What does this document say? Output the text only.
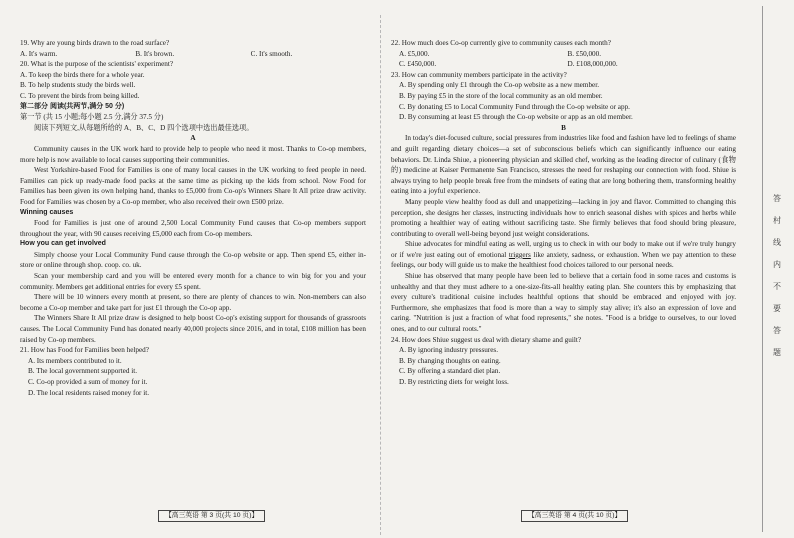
19. Why are young birds drawn to the road surface?
A. It's warm.	B. It's brown.	C. It's smooth.
20. What is the purpose of the scientists' experiment?
A. To keep the birds there for a whole year.
B. To help students study the birds well.
C. To prevent the birds from being killed.
第二部分 阅读(共两节,满分 50 分)
第一节 (共 15 小题;每小题 2.5 分,满分 37.5 分)
阅读下列短文,从每题所给的 A、B、C、D 四个选项中选出最佳选项。
A
Community causes in the UK work hard to provide help to people who need it most. Thanks to Co-op members, more help is now available to local causes supporting their communities.
West Yorkshire-based Food for Families is one of many local causes in the UK working to feed people in need. Families can pick up ready-made food packs at the same time as picking up the kids from school. Now Food for Families has been given its own helping hand, thanks to £5,000 from Co-op's Winners Share It All prize draw activity. Food for Families was chosen by a Co-op member, who also received their own £500 prize.
Winning causes
Food for Families is just one of around 2,500 Local Community Fund causes that Co-op members support throughout the year, with 90 causes receiving £5,000 each from Co-op members.
How you can get involved
Simply choose your Local Community Fund cause through the Co-op website or app. Then spend £5, either in-store or online through shop. coop. co. uk.
Scan your membership card and you will be entered every month for a chance to win big for you and your community. Members get additional entries for every £5 spent.
There will be 10 winners every month at present, so there are plenty of chances to win. Non-members can also become a Co-op member and take part for just £1 through the Co-op app.
The Winners Share It All prize draw is designed to help boost Co-op's existing support for thousands of grassroots causes. The Local Community Fund has donated nearly 40,000 projects since 2016, and in total, £108 million has been raised by Co-op members.
21. How has Food for Families been helped?
A. Its members contributed to it.
B. The local government supported it.
C. Co-op provided a sum of money for it.
D. The local residents raised money for it.
22. How much does Co-op currently give to community causes each month?
A. £5,000.	B. £50,000.
C. £450,000.	D. £108,000,000.
23. How can community members participate in the activity?
A. By spending only £1 through the Co-op website as a new member.
B. By paying £5 in the store of the local community as an old member.
C. By donating £5 to Local Community Fund through the Co-op website or app.
D. By consuming at least £5 through the Co-op website or app as an old member.
B
In today's diet-focused culture, social pressures from industries like food and fashion have led to feelings of shame and guilt regarding dietary choices—a set of subconscious beliefs which can significantly influence our eating behaviors. Dr. Linda Shiue, a pioneering physician and skilled chef, working as the leading director of culinary (食物的) medicine at Kaiser Permanente San Francisco, stresses the need for reshaping our connection with food. Shiue is always trying to help people break free from the mindsets of eating that are long bothering them, transforming healthy eating into a joyful experience.
Many people view healthy food as dull and unappetizing—lacking in joy and flavor. Committed to changing this perception, she designs her classes, instructing individuals how to enrich seasonal dishes with spices and herbs while promoting a healthier way of eating without sacrificing taste. She firmly believes that food should bring pleasure, contributing to overall well-being beyond just weight considerations.
Shiue advocates for mindful eating as well, urging us to check in with our body to make out if we're truly hungry or if we're just eating out of emotional triggers like anxiety, sadness, or exhaustion. When we pay attention to these feelings, our body will guide us to make the healthiest food choices tailored to our personal needs.
Shiue has observed that many people have been led to believe that a certain food in some races and customs is unhealthy and that they must adhere to a one-size-fits-all healthy eating plan. She counters this by emphasizing that every culture's traditional cuisine includes healthful options that should be embraced and enjoyed with joy. Furthermore, she emphasizes that food is more than a way to simply stay alive; it's also an expression of love and caring. "Nutrition is just a fraction of what food represents," she notes. "Food is a bridge to ourselves, to our loved ones, and to our cultural roots."
24. How does Shiue suggest us deal with dietary shame and guilt?
A. By ignoring industry pressures.
B. By changing thoughts on eating.
C. By offering a standard diet plan.
D. By restricting diets for weight loss.
【高三英语 第 3 页(共 10 页)】	【高三英语 第 4 页(共 10 页)】
答
村
线
内
不
要
答
题
